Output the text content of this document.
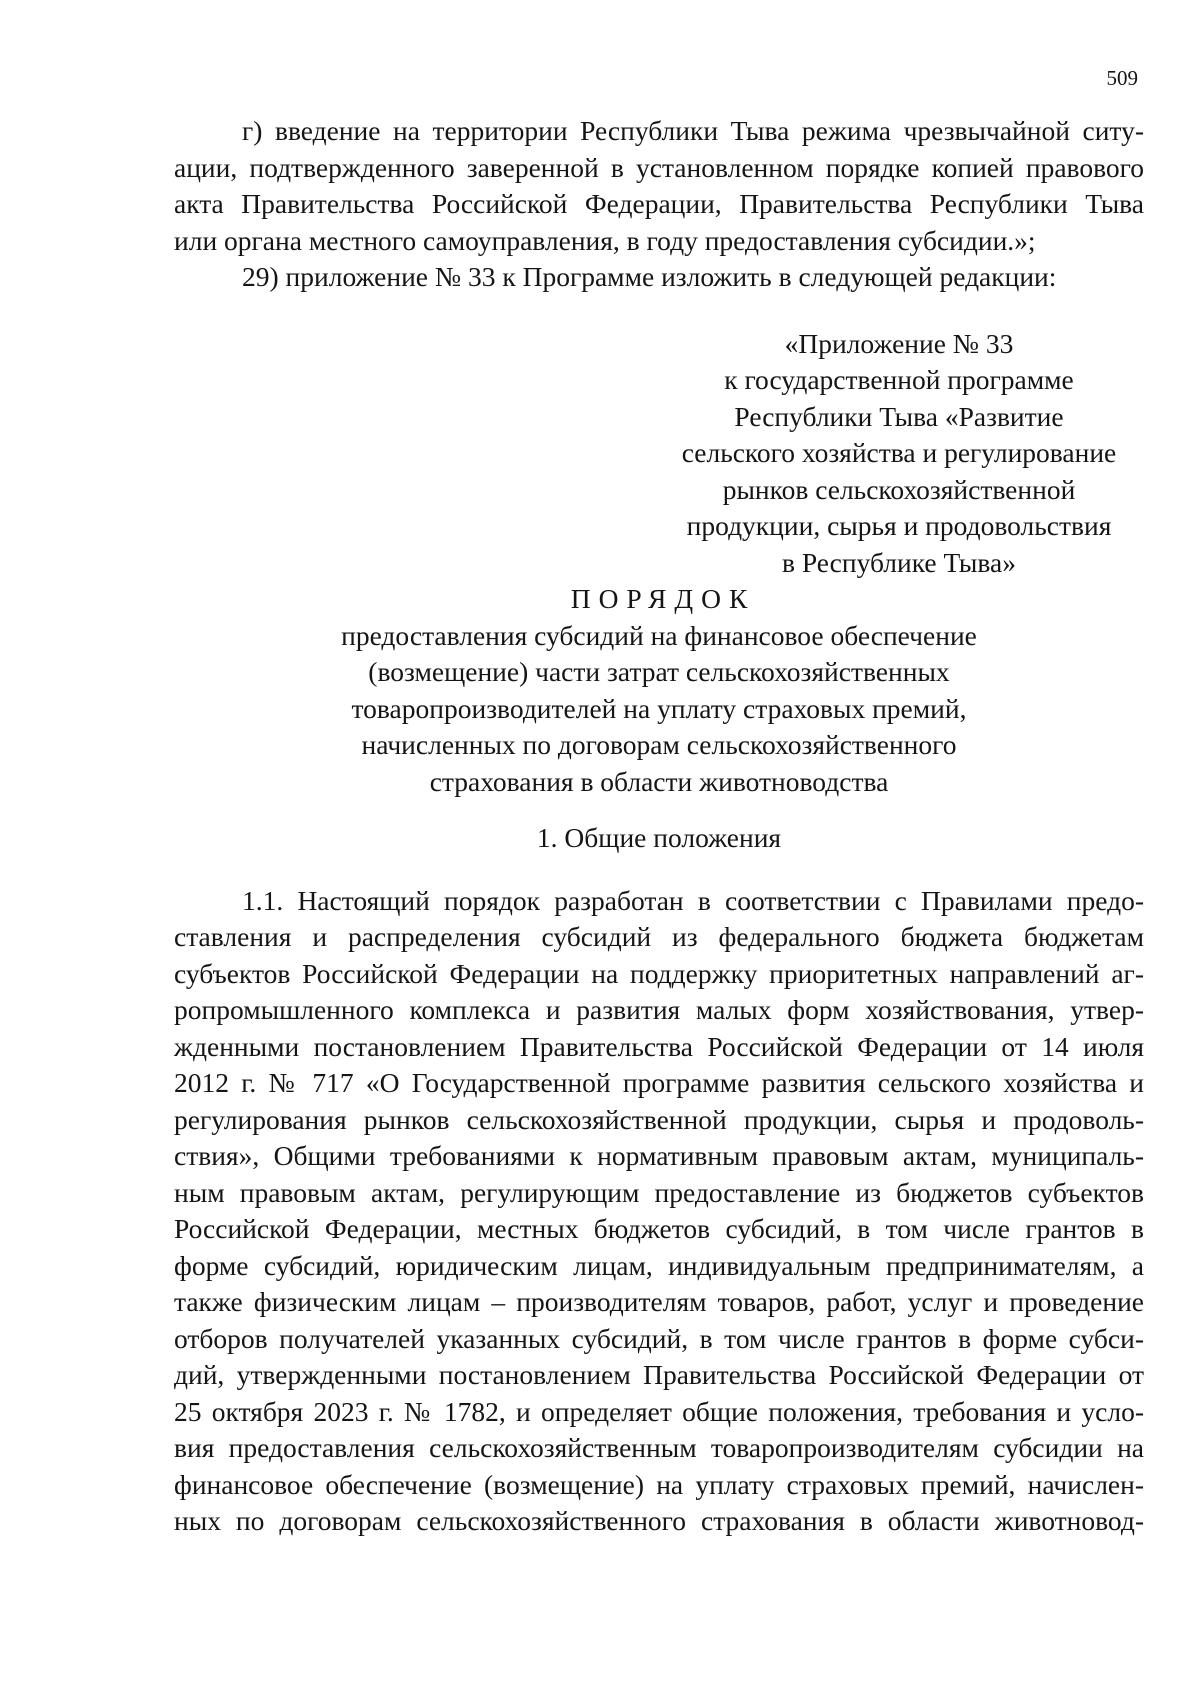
509

г) введение на территории Республики Тыва режима чрезвычайной ситу-
ации, подтвержденного заверенной в установленном порядке копией правового
акта Правительства Российской Федерации, Правительства Республики Тыва
или органа местного самоуправления, в году предоставления субсидии.»;
29) приложение № 33 к Программе изложить в следующей редакции:
«Приложение № 33
к государственной программе
Республики Тыва «Развитие
сельского хозяйства и регулирование
рынков сельскохозяйственной
продукции, сырья и продовольствия
в Республике Тыва»
ПОРЯДОК
предоставления субсидий на финансовое обеспечение
(возмещение) части затрат сельскохозяйственных
товаропроизводителей на уплату страховых премий,
начисленных по договорам сельскохозяйственного
страхования в области животноводства
1. Общие положения
1.1. Настоящий порядок разработан в соответствии с Правилами предо-
ставления и распределения субсидий из федерального бюджета бюджетам
субъектов Российской Федерации на поддержку приоритетных направлений аг-
ропромышленного комплекса и развития малых форм хозяйствования, утвер-
жденными постановлением Правительства Российской Федерации от 14 июля
2012 г. № 717 «О Государственной программе развития сельского хозяйства и
регулирования рынков сельскохозяйственной продукции, сырья и продоволь-
ствия», Общими требованиями к нормативным правовым актам, муниципаль-
ным правовым актам, регулирующим предоставление из бюджетов субъектов
Российской Федерации, местных бюджетов субсидий, в том числе грантов в
форме субсидий, юридическим лицам, индивидуальным предпринимателям, а
также физическим лицам – производителям товаров, работ, услуг и проведение
отборов получателей указанных субсидий, в том числе грантов в форме субси-
дий, утвержденными постановлением Правительства Российской Федерации от
25 октября 2023 г. № 1782, и определяет общие положения, требования и усло-
вия предоставления сельскохозяйственным товаропроизводителям субсидии на
финансовое обеспечение (возмещение) на уплату страховых премий, начислен-
ных по договорам сельскохозяйственного страхования в области животновод-
